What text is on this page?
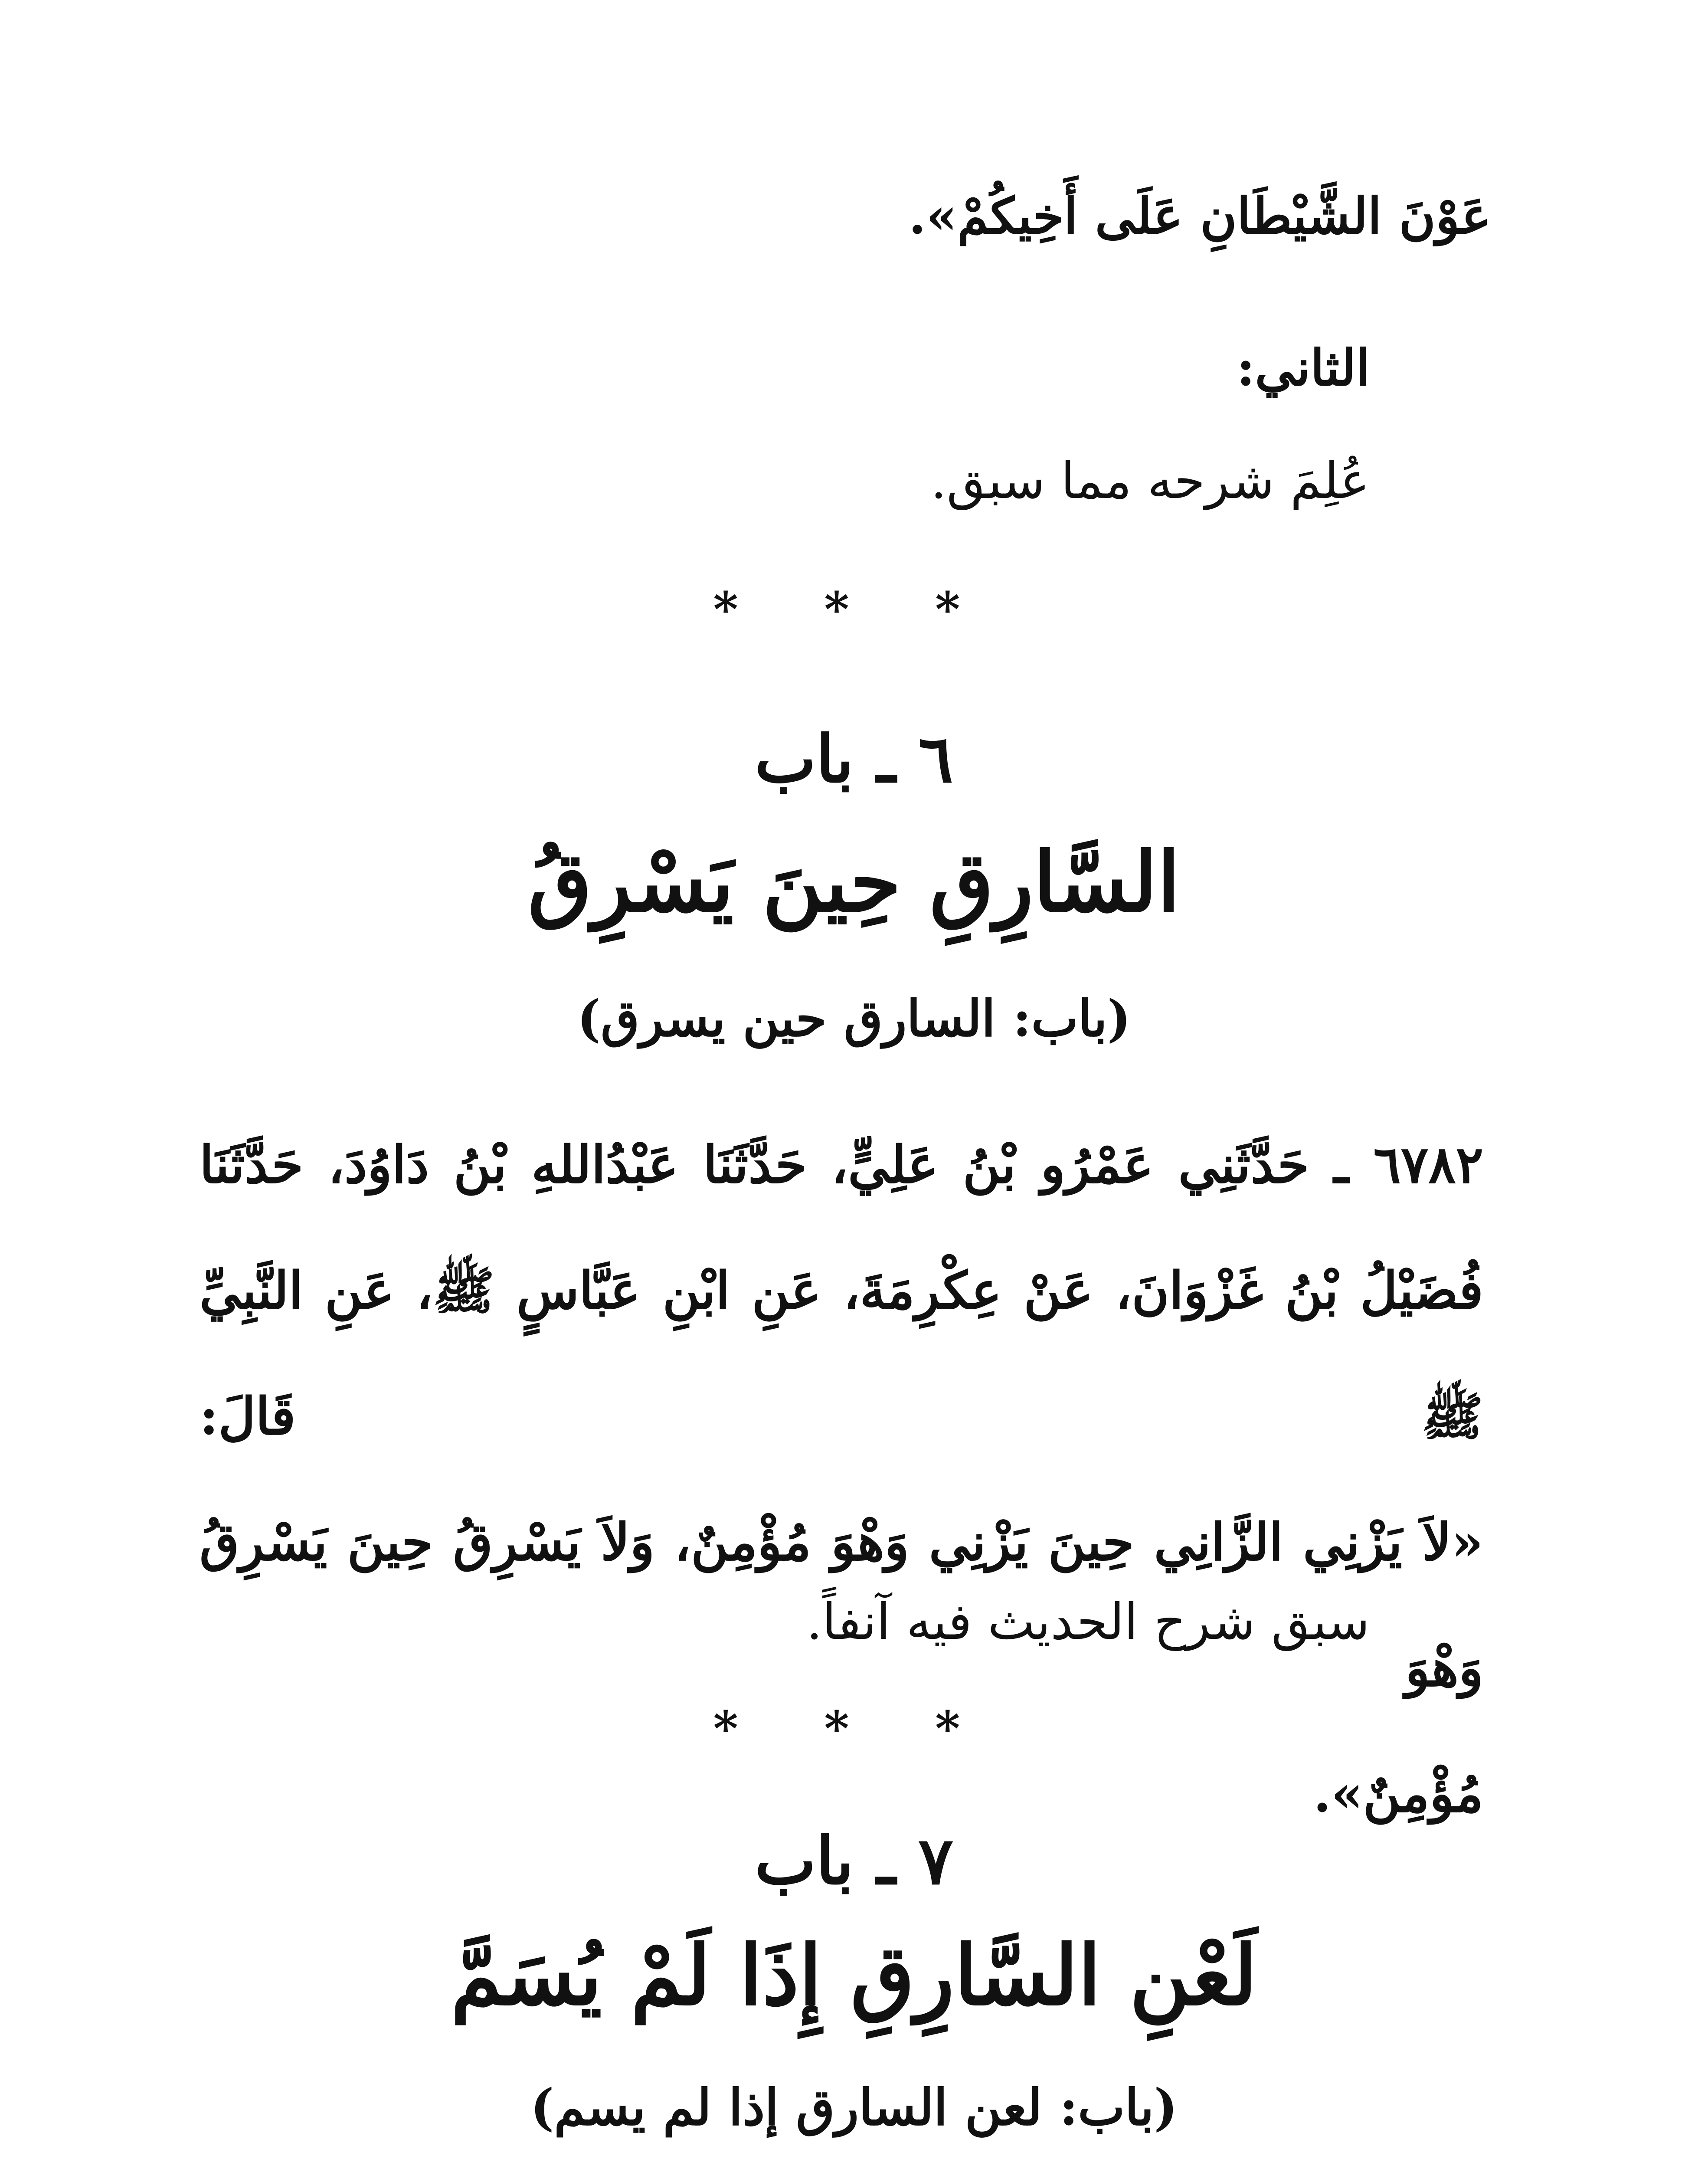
عَوْنَ الشَّيْطَانِ عَلَى أَخِيكُمْ».

الثاني:

عُلِمَ شرحه مما سبق.

* * *

٦ ـ باب

السَّارِقِ حِينَ يَسْرِقُ

(باب: السارق حين يسرق)

٦٧٨٢ ـ حَدَّثَنِي عَمْرُو بْنُ عَلِيٍّ، حَدَّثَنَا عَبْدُاللهِ بْنُ دَاوُدَ، حَدَّثَنَا
فُضَيْلُ بْنُ غَزْوَانَ، عَنْ عِكْرِمَةَ، عَنِ ابْنِ عَبَّاسٍ ﷺ، عَنِ النَّبِيِّ ﷺ قَالَ:
«لاَ يَزْنِي الزَّانِي حِينَ يَزْنِي وَهْوَ مُؤْمِنٌ، وَلاَ يَسْرِقُ حِينَ يَسْرِقُ وَهْوَ
مُؤْمِنٌ».

سبق شرح الحديث فيه آنفاً.

* * *

٧ ـ باب

لَعْنِ السَّارِقِ إِذَا لَمْ يُسَمَّ

(باب: لعن السارق إذا لم يسم)
